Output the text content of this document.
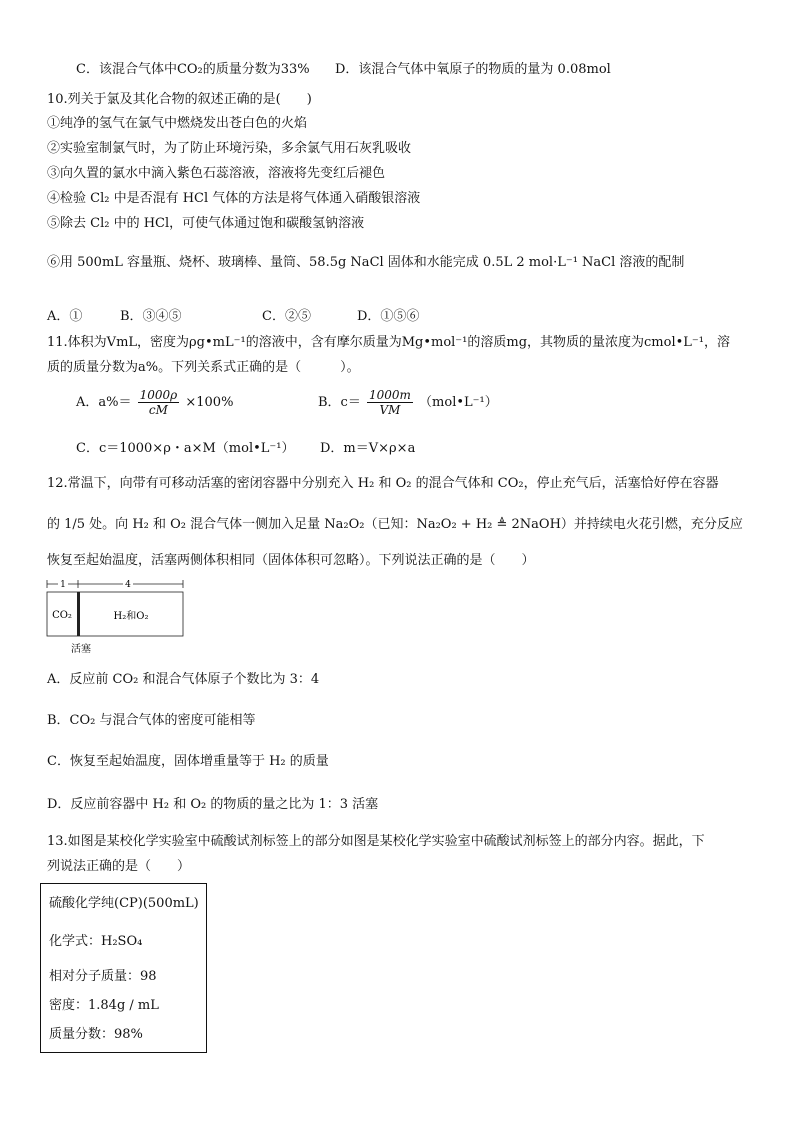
C．该混合气体中CO₂的质量分数为33% D．该混合气体中氧原子的物质的量为 0.08mol
10.列关于氯及其化合物的叙述正确的是(　　)
①纯净的氢气在氯气中燃烧发出苍白色的火焰
②实验室制氯气时，为了防止环境污染，多余氯气用石灰乳吸收
③向久置的氯水中滴入紫色石蕊溶液，溶液将先变红后褪色
④检验 Cl₂ 中是否混有 HCl 气体的方法是将气体通入硝酸银溶液
⑤除去 Cl₂ 中的 HCl，可使气体通过饱和碳酸氢钠溶液
⑥用 500mL 容量瓶、烧杯、玻璃棒、量筒、58.5g NaCl 固体和水能完成 0.5L 2 mol·L⁻¹ NaCl 溶液的配制
A．①	B．③④⑤	C．②⑤	D．①⑤⑥
11.体积为VmL，密度为ρg•mL⁻¹的溶液中，含有摩尔质量为Mg•mol⁻¹的溶质mg，其物质的量浓度为cmol•L⁻¹，溶
质的质量分数为a%。下列关系式正确的是（　　　）。
A．$a\%= \frac{1000\rho}{cM} \times 100\%$	B．$c= \frac{1000m}{VM}$ （mol•L⁻¹）
C．c＝1000×ρ・a×M（mol•L⁻¹） D．m＝V×ρ×a
12.常温下，向带有可移动活塞的密闭容器中分别充入 H₂ 和 O₂ 的混合气体和 CO₂，停止充气后，活塞恰好停在容器
的 1/5 处。向 H₂ 和 O₂ 混合气体一侧加入足量 Na₂O₂（已知：Na₂O₂ + H₂ ≜ 2NaOH）并持续电火花引燃，充分反应
恢复至起始温度，活塞两侧体积相同（固体体积可忽略）。下列说法正确的是（　　）
1	4
CO₂	H₂和O₂
活塞
A．反应前 CO₂ 和混合气体原子个数比为 3：4
B．CO₂ 与混合气体的密度可能相等
C．恢复至起始温度，固体增重量等于 H₂ 的质量
D．反应前容器中 H₂ 和 O₂ 的物质的量之比为 1：3 活塞
13.如图是某校化学实验室中硫酸试剂标签上的部分如图是某校化学实验室中硫酸试剂标签上的部分内容。据此，下
列说法正确的是（　　）
硫酸化学纯(CP)(500mL)
化学式：H₂SO₄
相对分子质量：98
密度：1.84g / mL
质量分数：98%
